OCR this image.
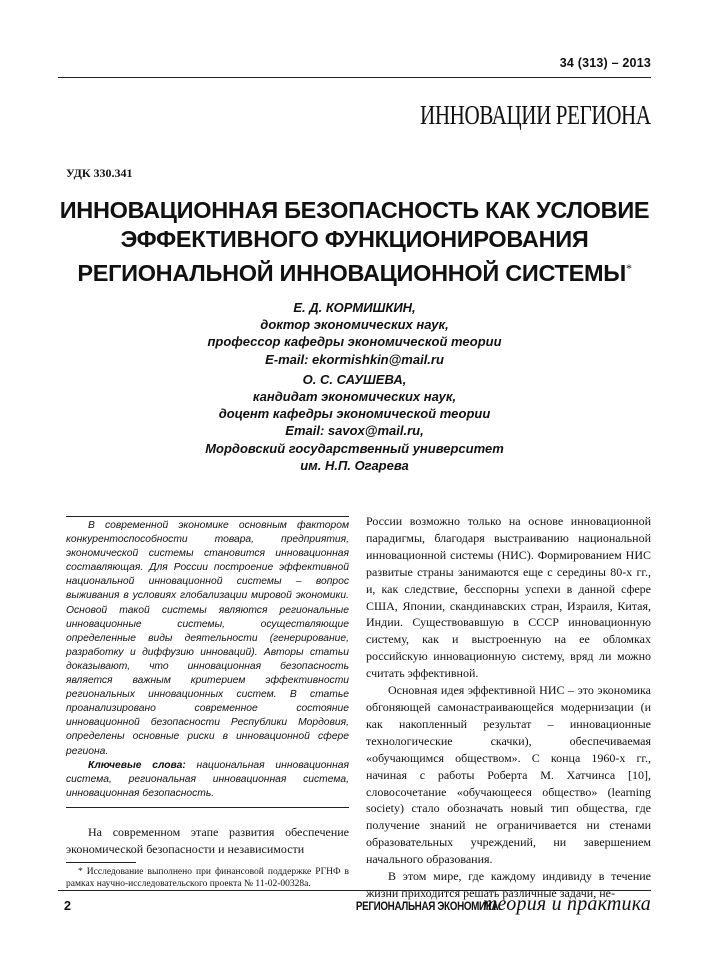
34 (313) – 2013
ИННОВАЦИИ РЕГИОНА
УДК 330.341
ИННОВАЦИОННАЯ БЕЗОПАСНОСТЬ КАК УСЛОВИЕ
ЭФФЕКТИВНОГО ФУНКЦИОНИРОВАНИЯ
РЕГИОНАЛЬНОЙ ИННОВАЦИОННОЙ СИСТЕМЫ*
Е. Д. КОРМИШКИН,
доктор экономических наук,
профессор кафедры экономической теории
E-mail: ekormishkin@mail.ru
О. С. САУШЕВА,
кандидат экономических наук,
доцент кафедры экономической теории
Email: savox@mail.ru,
Мордовский государственный университет
им. Н.П. Огарева

В современной экономике основным фактором конкурентоспособности товара, предприятия, экономической системы становится инновационная составляющая. Для России построение эффективной национальной инновационной системы – вопрос выживания в условиях глобализации мировой экономики. Основой такой системы являются региональные инновационные системы, осуществляющие определенные виды деятельности (генерирование, разработку и диффузию инноваций). Авторы статьи доказывают, что инновационная безопасность является важным критерием эффективности региональных инновационных систем. В статье проанализировано современное состояние инновационной безопасности Республики Мордовия, определены основные риски в инновационной сфере региона.

Ключевые слова: национальная инновационная система, региональная инновационная система, инновационная безопасность.

На современном этапе развития обеспечение экономической безопасности и независимости

* Исследование выполнено при финансовой поддержке РГНФ в рамках научно-исследовательского проекта № 11-02-00328а.

России возможно только на основе инновационной парадигмы, благодаря выстраиванию национальной инновационной системы (НИС). Формированием НИС развитые страны занимаются еще с середины 80-х гг., и, как следствие, бесспорны успехи в данной сфере США, Японии, скандинавских стран, Израиля, Китая, Индии. Существовавшую в СССР инновационную систему, как и выстроенную на ее обломках российскую инновационную систему, вряд ли можно считать эффективной.

Основная идея эффективной НИС – это экономика обгоняющей самонастраивающейся модернизации (и как накопленный результат – инновационные технологические скачки), обеспечиваемая «обучающимся обществом». С конца 1960-х гг., начиная с работы Роберта М. Хатчинса [10], словосочетание «обучающееся общество» (learning society) стало обозначать новый тип общества, где получение знаний не ограничивается ни стенами образовательных учреждений, ни завершением начального образования.

В этом мире, где каждому индивиду в течение жизни приходится решать различные задачи, не-

2	РЕГИОНАЛЬНАЯ ЭКОНОМИКА: теория и практика
